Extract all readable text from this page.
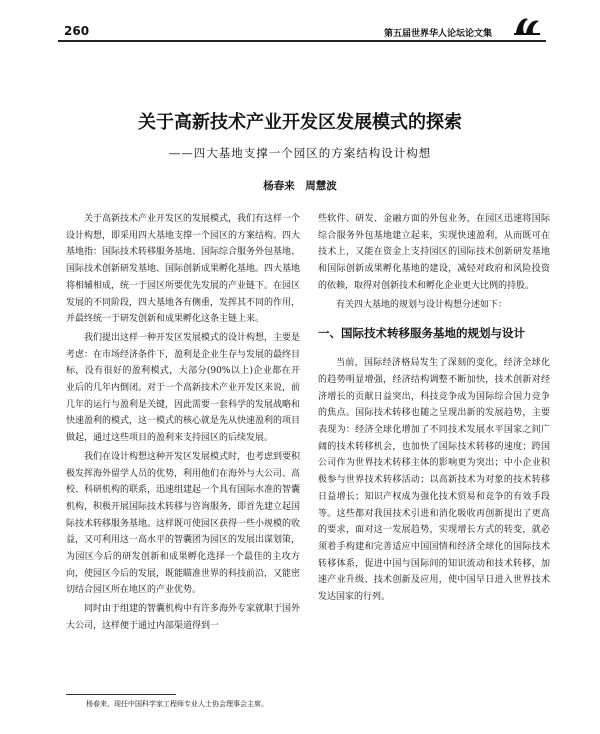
260	第五届世界华人论坛论文集
关于高新技术产业开发区发展模式的探索
——四大基地支撑一个园区的方案结构设计构想
杨春来　周慧波

关于高新技术产业开发区的发展模式，我们有这样一个设计构想，即采用四大基地支撑一个园区的方案结构。四大基地指：国际技术转移服务基地、国际综合服务外包基地、国际技术创新研发基地、国际创新成果孵化基地。四大基地将相辅相成，统一于园区所要优先发展的产业链下。在园区发展的不同阶段，四大基地各有侧重，发挥其不同的作用，并最终统一于研发创新和成果孵化这条主链上来。

我们提出这样一种开发区发展模式的设计构想，主要是考虑：在市场经济条件下，盈利是企业生存与发展的最终目标，没有很好的盈利模式，大部分(90%以上)企业都在开业后的几年内倒闭。对于一个高新技术产业开发区来说，前几年的运行与盈利是关键，因此需要一套科学的发展战略和快速盈利的模式，这一模式的核心就是先从快速盈利的项目做起，通过这些项目的盈利来支持园区的后续发展。

我们在设计构想这种开发区发展模式时，也考虑到要积极发挥海外留学人员的优势，利用他们在海外与大公司、高校、科研机构的联系，迅速组建起一个具有国际水准的智囊机构，积极开展国际技术转移与咨询服务，即首先建立起国际技术转移服务基地。这样既可使园区获得一些小规模的收益，又可利用这一高水平的智囊团为园区的发展出谋划策，为园区今后的研发创新和成果孵化选择一个最佳的主攻方向，使园区今后的发展，既能瞄准世界的科技前沿，又能密切结合园区所在地区的产业优势。

同时由于组建的智囊机构中有许多海外专家就职于国外大公司，这样便于通过内部渠道得到一

些软件、研发、金融方面的外包业务，在园区迅速将国际综合服务外包基地建立起来，实现快速盈利，从而既可在技术上，又能在资金上支持园区的国际技术创新研发基地和国际创新成果孵化基地的建设，减轻对政府和风险投资的依赖，取得对创新技术和孵化企业更大比例的持股。

有关四大基地的规划与设计构想分述如下：

一、国际技术转移服务基地的规划与设计

当前，国际经济格局发生了深刻的变化，经济全球化的趋势明显增强，经济结构调整不断加快，技术创新对经济增长的贡献日益突出，科技竞争成为国际综合国力竞争的焦点。国际技术转移也随之呈现出新的发展趋势，主要表现为：经济全球化增加了不同技术发展水平国家之间广阔的技术转移机会，也加快了国际技术转移的速度；跨国公司作为世界技术转移主体的影响更为突出；中小企业积极参与世界技术转移活动；以高新技术为对象的技术转移日益增长；知识产权成为强化技术贸易和竞争的有效手段等。这些都对我国技术引进和消化吸收再创新提出了更高的要求，面对这一发展趋势，实现增长方式的转变，就必须着手构建和完善适应中国国情和经济全球化的国际技术转移体系，促进中国与国际间的知识流动和技术转移，加速产业升级、技术创新及应用，使中国早日进入世界技术发达国家的行列。

杨春来，现任中国科学家工程师专业人士协会理事会主席。
